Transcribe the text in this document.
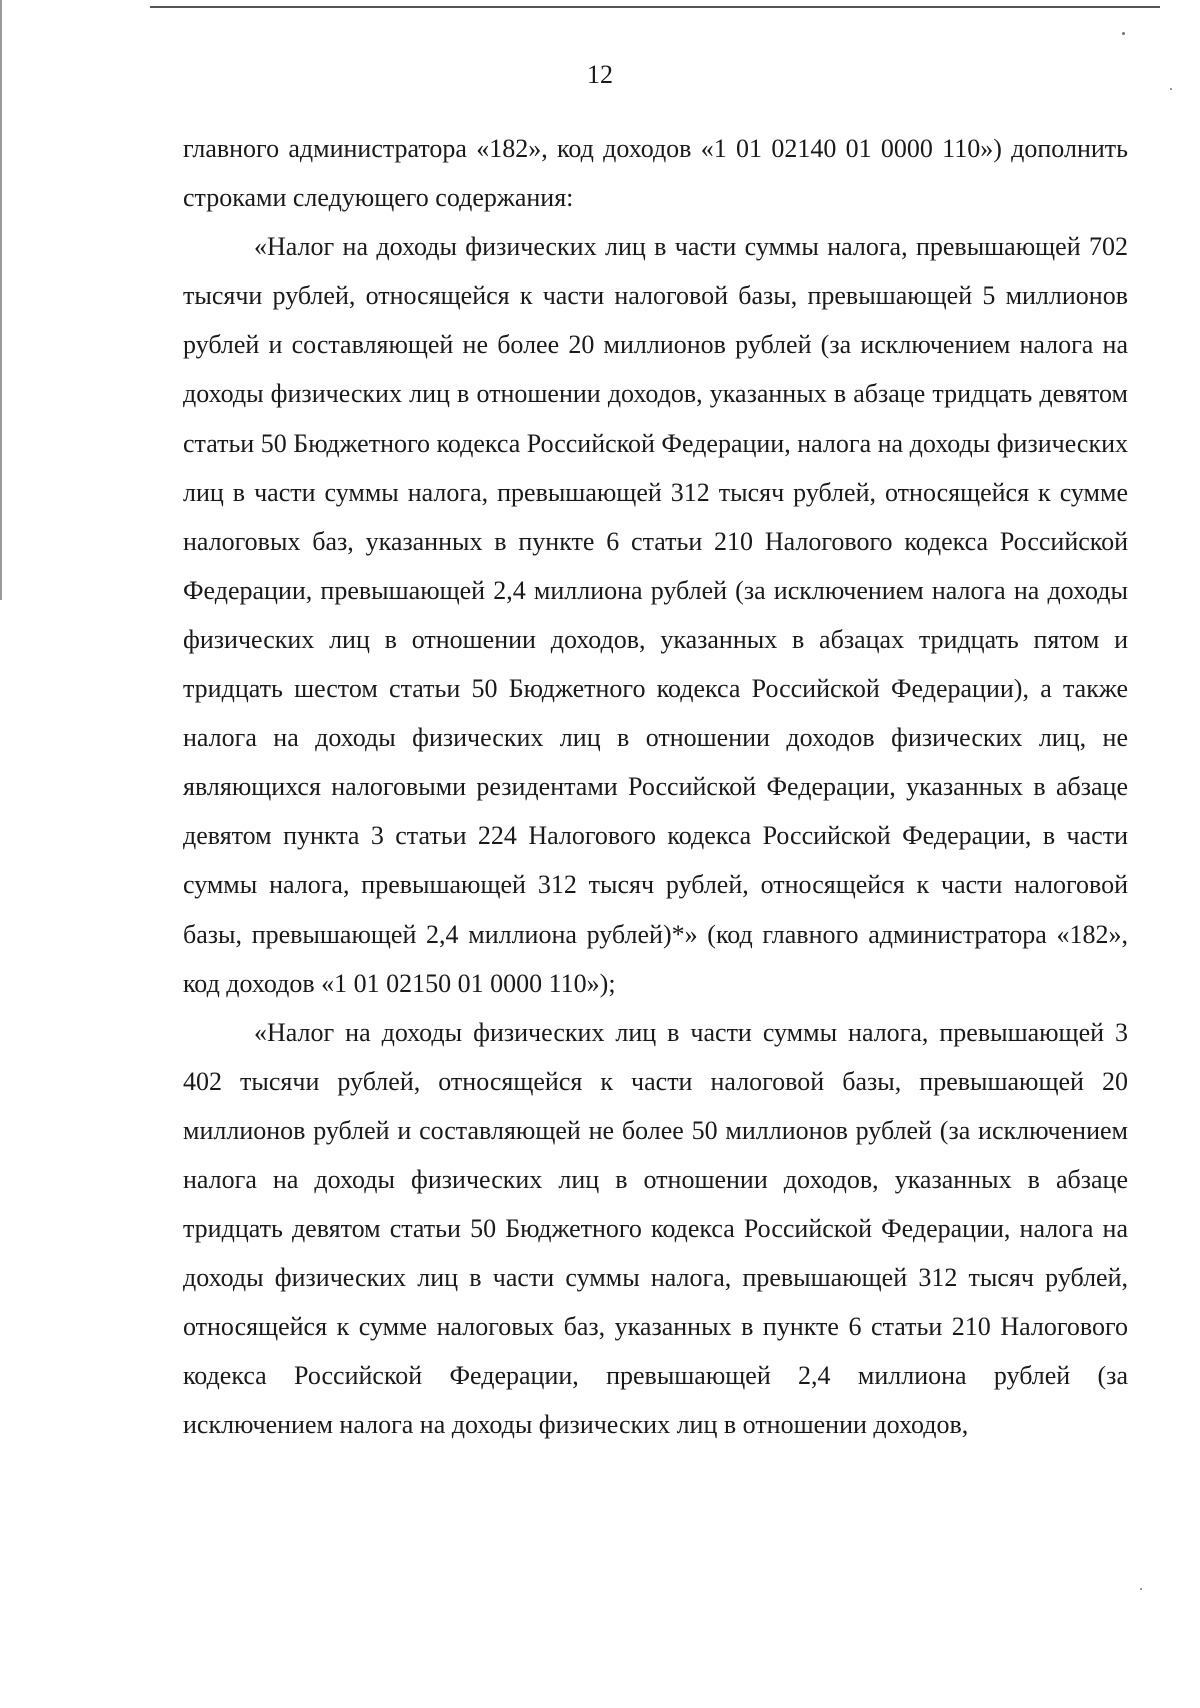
12

главного администратора «182», код доходов «1 01 02140 01 0000 110») дополнить строками следующего содержания:

«Налог на доходы физических лиц в части суммы налога, превышающей 702 тысячи рублей, относящейся к части налоговой базы, превышающей 5 миллионов рублей и составляющей не более 20 миллионов рублей (за исключением налога на доходы физических лиц в отношении доходов, указанных в абзаце тридцать девятом статьи 50 Бюджетного кодекса Российской Федерации, налога на доходы физических лиц в части суммы налога, превышающей 312 тысяч рублей, относящейся к сумме налоговых баз, указанных в пункте 6 статьи 210 Налогового кодекса Российской Федерации, превышающей 2,4 миллиона рублей (за исключением налога на доходы физических лиц в отношении доходов, указанных в абзацах тридцать пятом и тридцать шестом статьи 50 Бюджетного кодекса Российской Федерации), а также налога на доходы физических лиц в отношении доходов физических лиц, не являющихся налоговыми резидентами Российской Федерации, указанных в абзаце девятом пункта 3 статьи 224 Налогового кодекса Российской Федерации, в части суммы налога, превышающей 312 тысяч рублей, относящейся к части налоговой базы, превышающей 2,4 миллиона рублей)*» (код главного администратора «182», код доходов «1 01 02150 01 0000 110»);

«Налог на доходы физических лиц в части суммы налога, превышающей 3 402 тысячи рублей, относящейся к части налоговой базы, превышающей 20 миллионов рублей и составляющей не более 50 миллионов рублей (за исключением налога на доходы физических лиц в отношении доходов, указанных в абзаце тридцать девятом статьи 50 Бюджетного кодекса Российской Федерации, налога на доходы физических лиц в части суммы налога, превышающей 312 тысяч рублей, относящейся к сумме налоговых баз, указанных в пункте 6 статьи 210 Налогового кодекса Российской Федерации, превышающей 2,4 миллиона рублей (за исключением налога на доходы физических лиц в отношении доходов,
